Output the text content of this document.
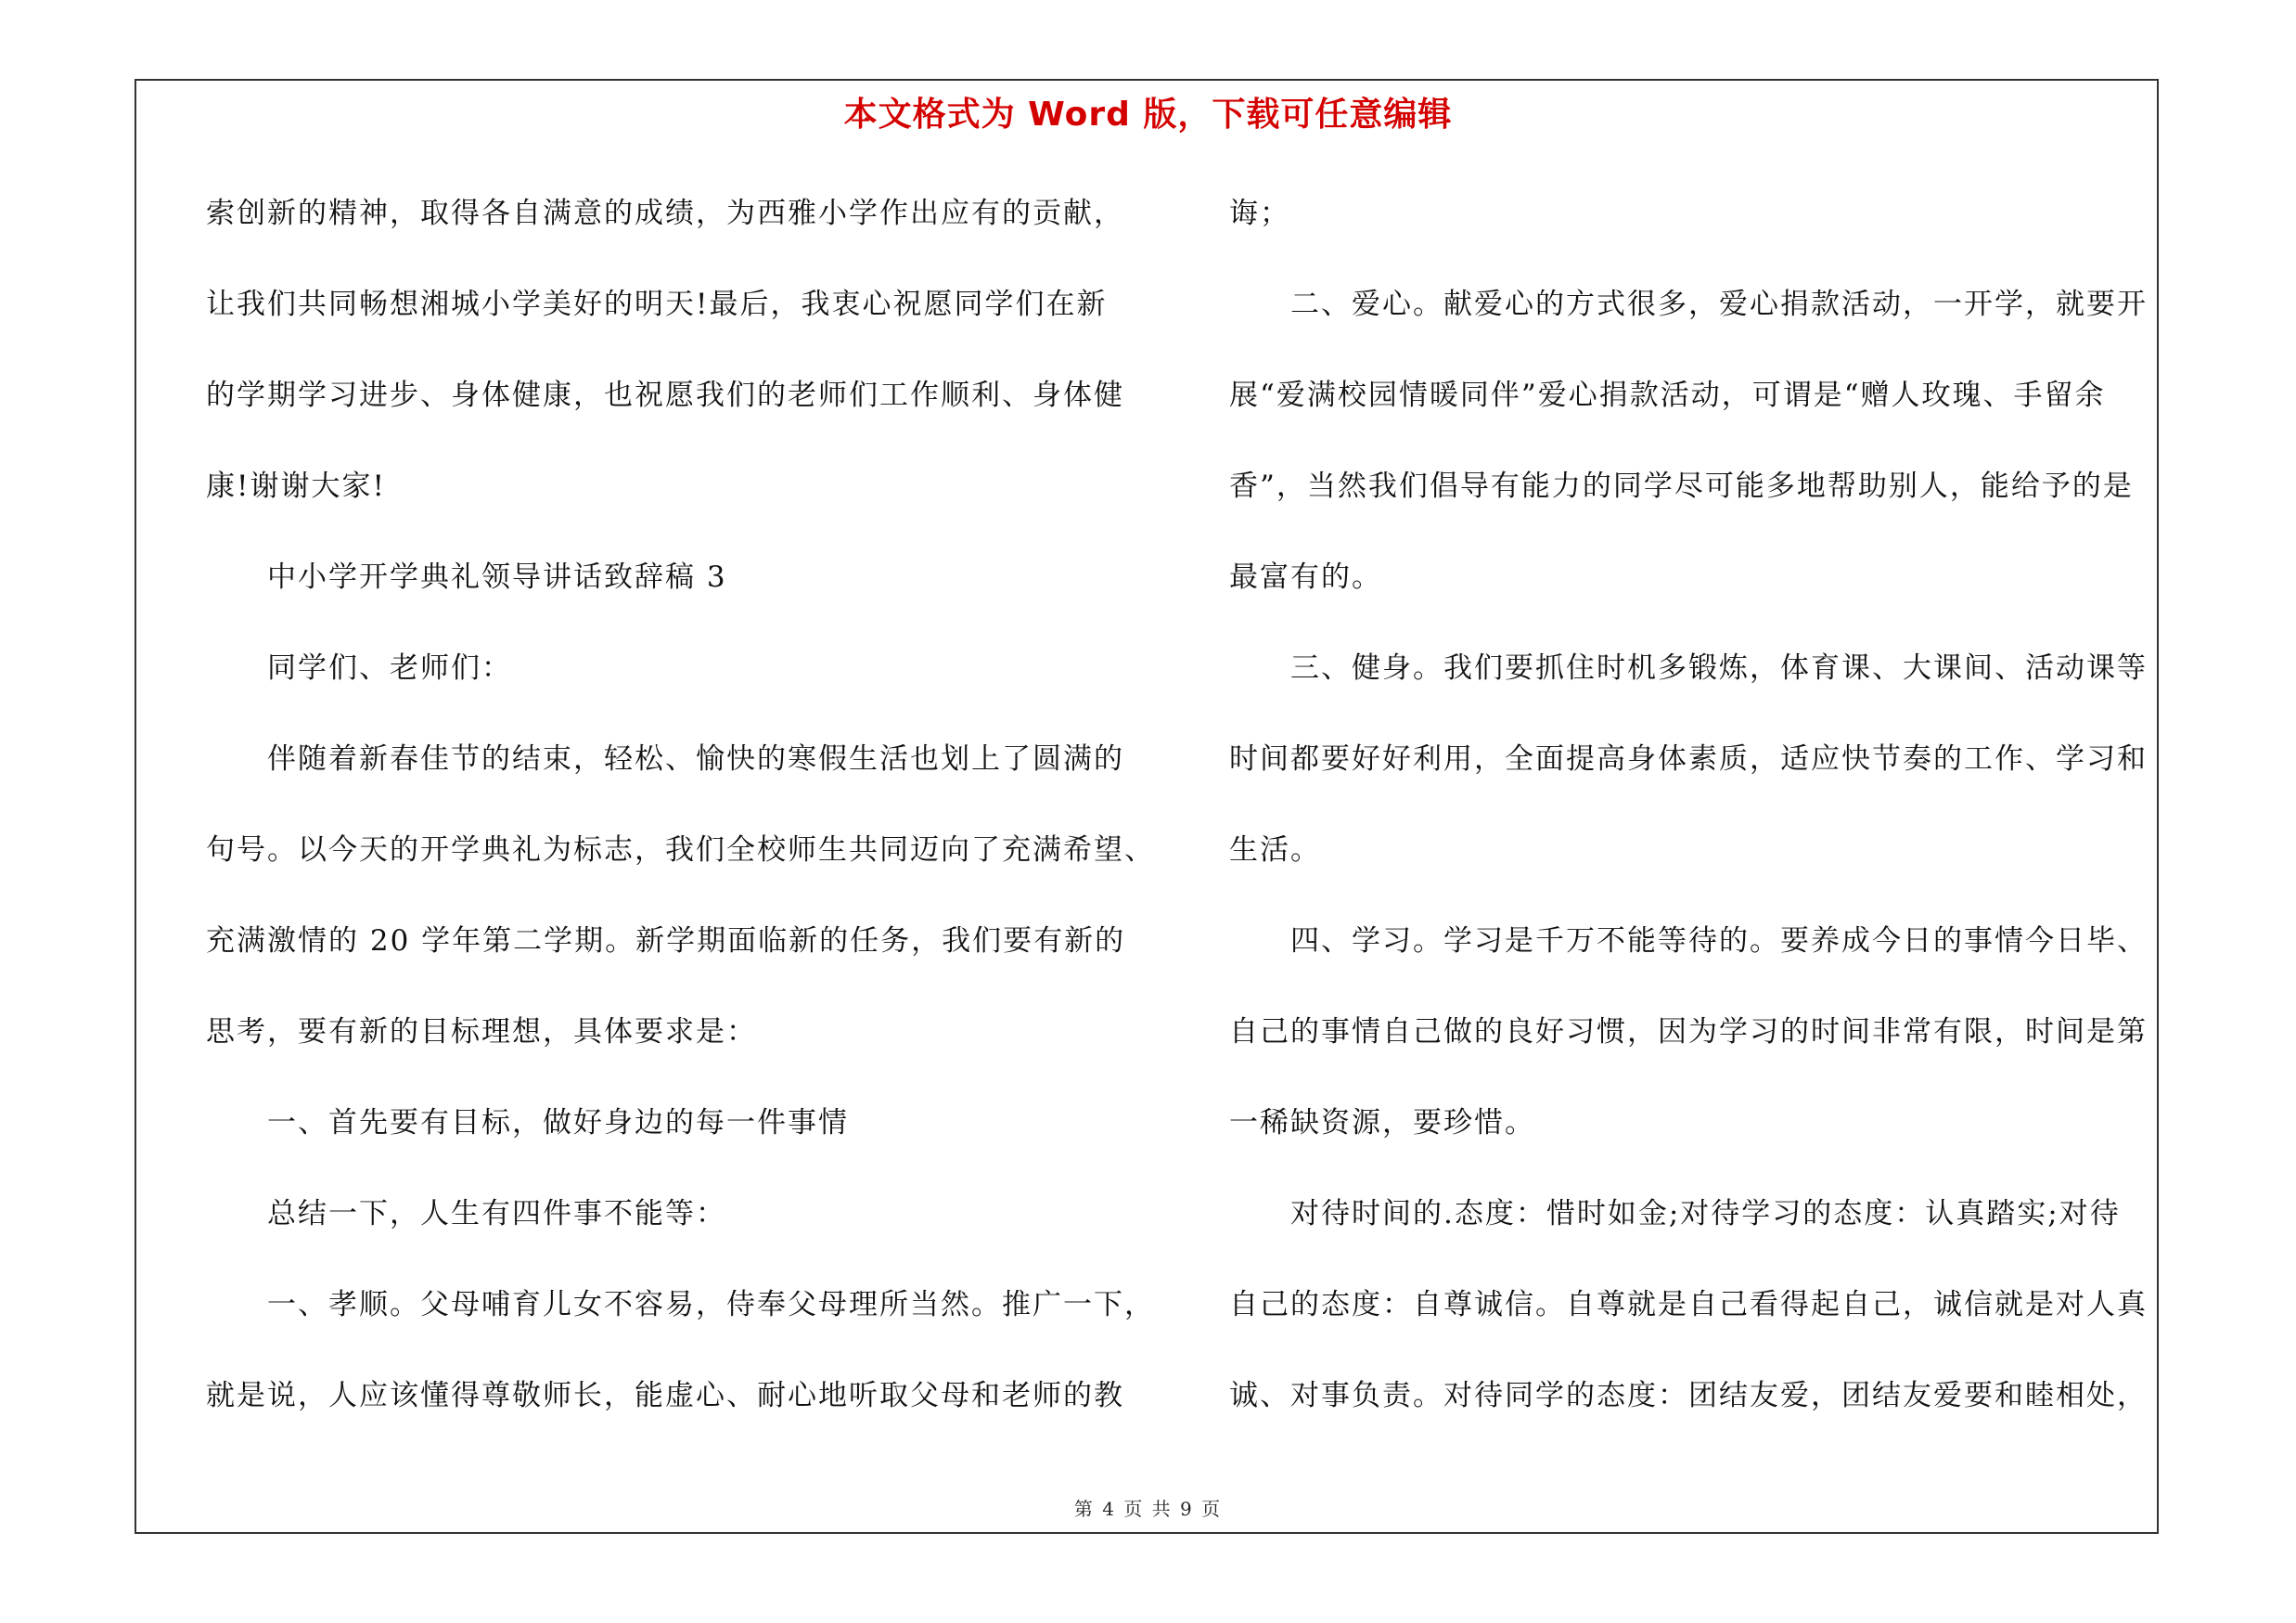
本文格式为 Word 版，下载可任意编辑
索创新的精神，取得各自满意的成绩，为西雅小学作出应有的贡献，
让我们共同畅想湘城小学美好的明天!最后，我衷心祝愿同学们在新
的学期学习进步、身体健康，也祝愿我们的老师们工作顺利、身体健
康!谢谢大家!
中小学开学典礼领导讲话致辞稿 3
同学们、老师们：
伴随着新春佳节的结束，轻松、愉快的寒假生活也划上了圆满的
句号。以今天的开学典礼为标志，我们全校师生共同迈向了充满希望、
充满激情的 20 学年第二学期。新学期面临新的任务，我们要有新的
思考，要有新的目标理想，具体要求是：
一、首先要有目标，做好身边的每一件事情
总结一下，人生有四件事不能等：
一、孝顺。父母哺育儿女不容易，侍奉父母理所当然。推广一下，
就是说，人应该懂得尊敬师长，能虚心、耐心地听取父母和老师的教
诲；
二、爱心。献爱心的方式很多，爱心捐款活动，一开学，就要开
展“爱满校园情暖同伴”爱心捐款活动，可谓是“赠人玫瑰、手留余
香”，当然我们倡导有能力的同学尽可能多地帮助别人，能给予的是
最富有的。
三、健身。我们要抓住时机多锻炼，体育课、大课间、活动课等
时间都要好好利用，全面提高身体素质，适应快节奏的工作、学习和
生活。
四、学习。学习是千万不能等待的。要养成今日的事情今日毕、
自己的事情自己做的良好习惯，因为学习的时间非常有限，时间是第
一稀缺资源，要珍惜。
对待时间的.态度：惜时如金;对待学习的态度：认真踏实;对待
自己的态度：自尊诚信。自尊就是自己看得起自己，诚信就是对人真
诚、对事负责。对待同学的态度：团结友爱，团结友爱要和睦相处，
第 4 页 共 9 页
